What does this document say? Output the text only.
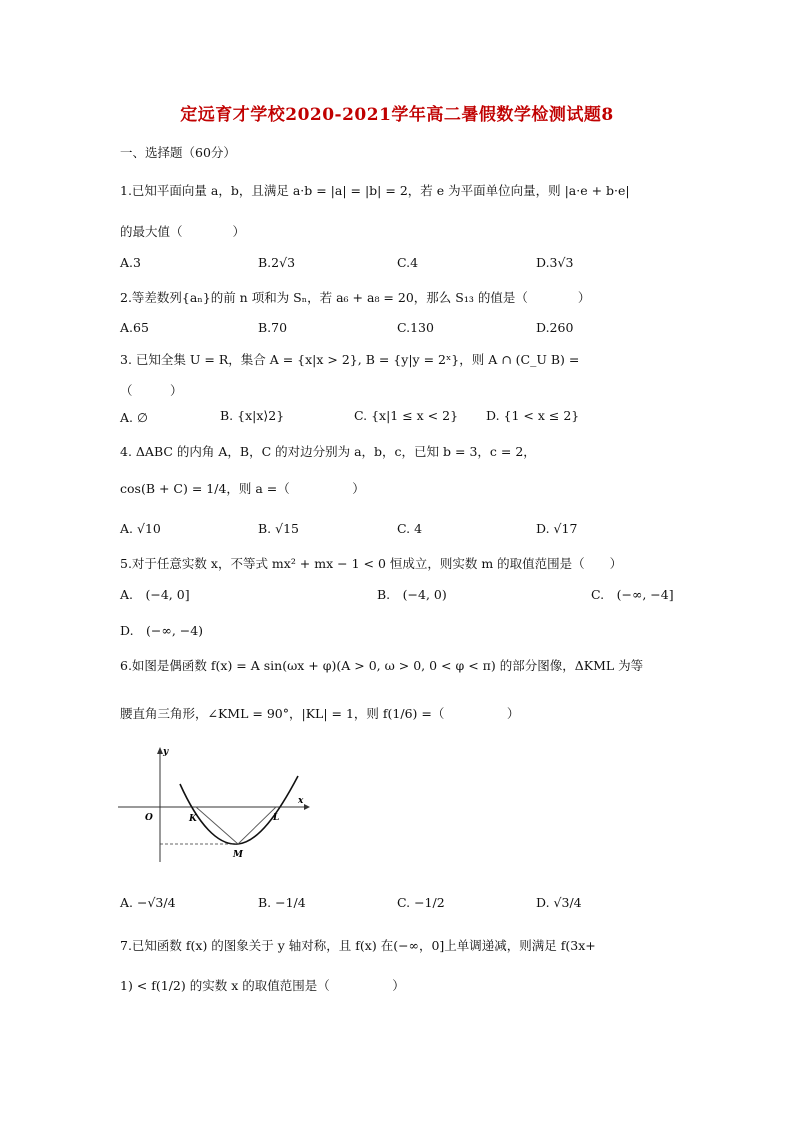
定远育才学校2020-2021学年高二暑假数学检测试题8
一、选择题（60分）
1.已知平面向量 a，b，且满足 a·b = |a| = |b| = 2，若 e 为平面单位向量，则 |a·e + b·e|
的最大值（　　　　）
A.3	B.2√3	C.4	D.3√3
2.等差数列{aₙ}的前 n 项和为 Sₙ，若 a₆ + a₈ = 20，那么 S₁₃ 的值是（　　　　）
A.65	B.70	C.130	D.260
3. 已知全集 U = R，集合 A = {x|x > 2}, B = {y|y = 2ˣ}，则 A ∩ (C_U B) =
（　　　）
A. ∅	B. {x|x⟩2}	C. {x|1 ≤ x < 2} D. {1 < x ≤ 2}
4. ΔABC 的内角 A，B，C 的对边分别为 a，b，c，已知 b = 3，c = 2，
cos(B + C) = 1/4，则 a =（　　　　　）
A. √10	B. √15	C. 4	D. √17
5.对于任意实数 x，不等式 mx² + mx − 1 < 0 恒成立，则实数 m 的取值范围是（　　）
A.　(−4, 0]	B.　(−4, 0)	C.　(−∞, −4]
D.　(−∞, −4)
6.如图是偶函数 f(x) = A sin(ωx + φ)(A > 0, ω > 0, 0 < φ < π) 的部分图像，ΔKML 为等
腰直角三角形，∠KML = 90°，|KL| = 1，则 f(1/6) =（　　　　　）
y
x
O	K	L
M
A. −√3/4	B. −1/4	C. −1/2	D. √3/4
7.已知函数 f(x) 的图象关于 y 轴对称，且 f(x) 在(−∞，0]上单调递减，则满足 f(3x+
1) < f(1/2) 的实数 x 的取值范围是（　　　　　）
